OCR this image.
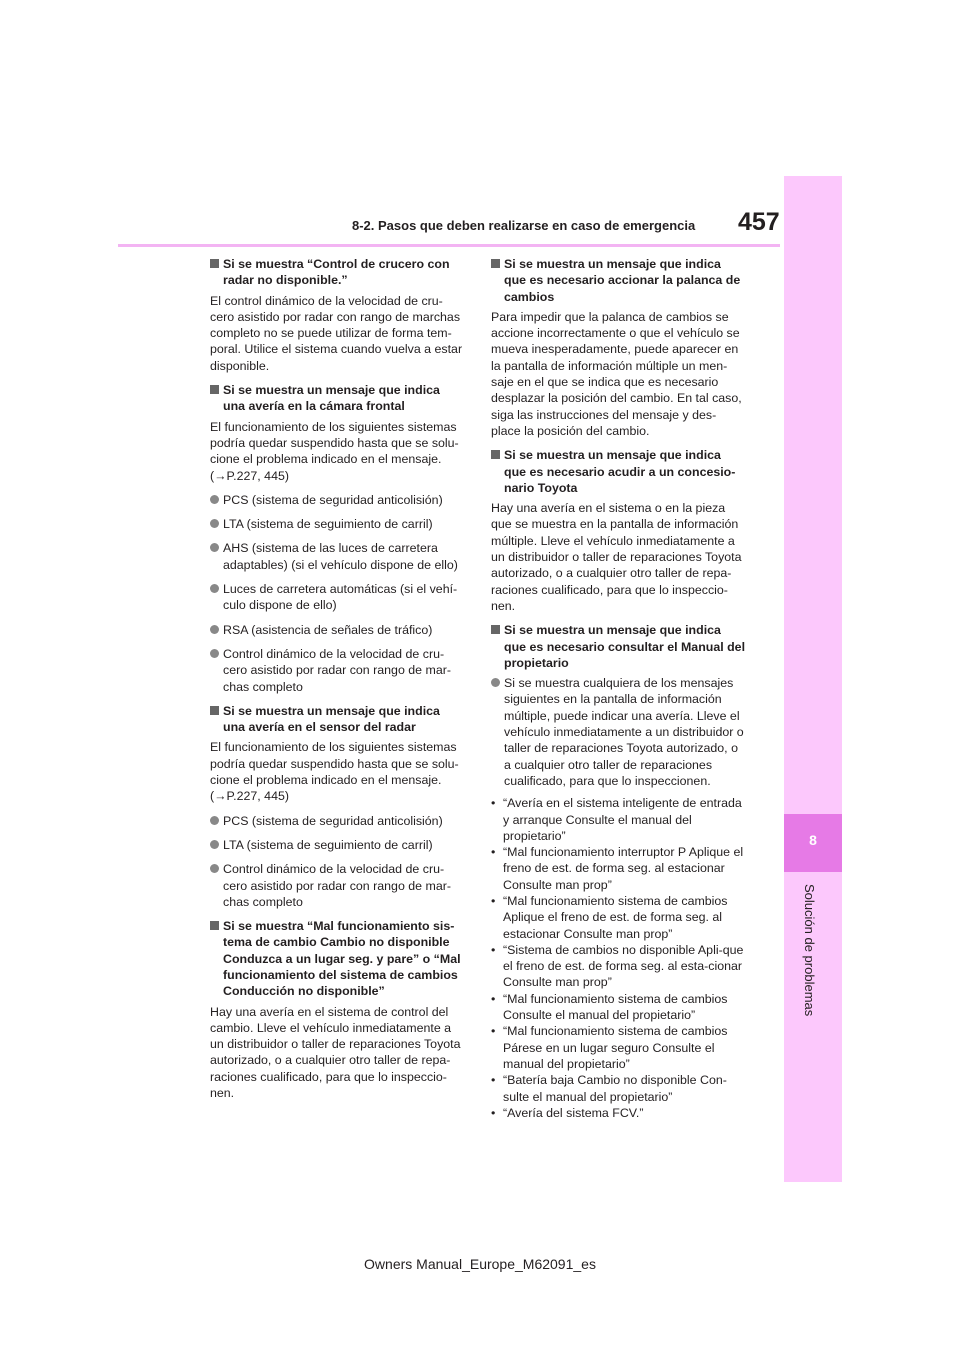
8-2. Pasos que deben realizarse en caso de emergencia 457
8
Solución de problemas
Si se muestra “Control de crucero con radar no disponible.”

El control dinámico de la velocidad de cru-cero asistido por radar con rango de marchas completo no se puede utilizar de forma tem-poral. Utilice el sistema cuando vuelva a estar disponible.

Si se muestra un mensaje que indica una avería en la cámara frontal

El funcionamiento de los siguientes sistemas podría quedar suspendido hasta que se solu-cione el problema indicado en el mensaje.
(→P.227, 445)

PCS (sistema de seguridad anticolisión)
LTA (sistema de seguimiento de carril)
AHS (sistema de las luces de carretera adaptables) (si el vehículo dispone de ello)
Luces de carretera automáticas (si el vehí-culo dispone de ello)
RSA (asistencia de señales de tráfico)
Control dinámico de la velocidad de cru-cero asistido por radar con rango de mar-chas completo
Si se muestra un mensaje que indica una avería en el sensor del radar

El funcionamiento de los siguientes sistemas podría quedar suspendido hasta que se solu-cione el problema indicado en el mensaje.
(→P.227, 445)

PCS (sistema de seguridad anticolisión)
LTA (sistema de seguimiento de carril)
Control dinámico de la velocidad de cru-cero asistido por radar con rango de mar-chas completo
Si se muestra “Mal funcionamiento sis-tema de cambio Cambio no disponible Conduzca a un lugar seg. y pare” o “Mal funcionamiento del sistema de cambios Conducción no disponible”

Hay una avería en el sistema de control del cambio. Lleve el vehículo inmediatamente a un distribuidor o taller de reparaciones Toyota autorizado, o a cualquier otro taller de repa-raciones cualificado, para que lo inspeccio-nen.

Si se muestra un mensaje que indica que es necesario accionar la palanca de cambios

Para impedir que la palanca de cambios se accione incorrectamente o que el vehículo se mueva inesperadamente, puede aparecer en la pantalla de información múltiple un men-saje en el que se indica que es necesario desplazar la posición del cambio. En tal caso, siga las instrucciones del mensaje y des-place la posición del cambio.

Si se muestra un mensaje que indica que es necesario acudir a un concesio-nario Toyota

Hay una avería en el sistema o en la pieza que se muestra en la pantalla de información múltiple. Lleve el vehículo inmediatamente a un distribuidor o taller de reparaciones Toyota autorizado, o a cualquier otro taller de repa-raciones cualificado, para que lo inspeccio-nen.

Si se muestra un mensaje que indica que es necesario consultar el Manual del propietario
Si se muestra cualquiera de los mensajes siguientes en la pantalla de información múltiple, puede indicar una avería. Lleve el vehículo inmediatamente a un distribuidor o taller de reparaciones Toyota autorizado, o a cualquier otro taller de reparaciones cualificado, para que lo inspeccionen.
• “Avería en el sistema inteligente de entrada y arranque Consulte el manual del propietario”
• “Mal funcionamiento interruptor P Aplique el freno de est. de forma seg. al estacionar Consulte man prop”
• “Mal funcionamiento sistema de cambios Aplique el freno de est. de forma seg. al estacionar Consulte man prop”
• “Sistema de cambios no disponible Apli-que el freno de est. de forma seg. al esta-cionar Consulte man prop”
• “Mal funcionamiento sistema de cambios Consulte el manual del propietario”
• “Mal funcionamiento sistema de cambios Párese en un lugar seguro Consulte el manual del propietario”
• “Batería baja Cambio no disponible Con-sulte el manual del propietario”
• “Avería del sistema FCV.”
Owners Manual_Europe_M62091_es
